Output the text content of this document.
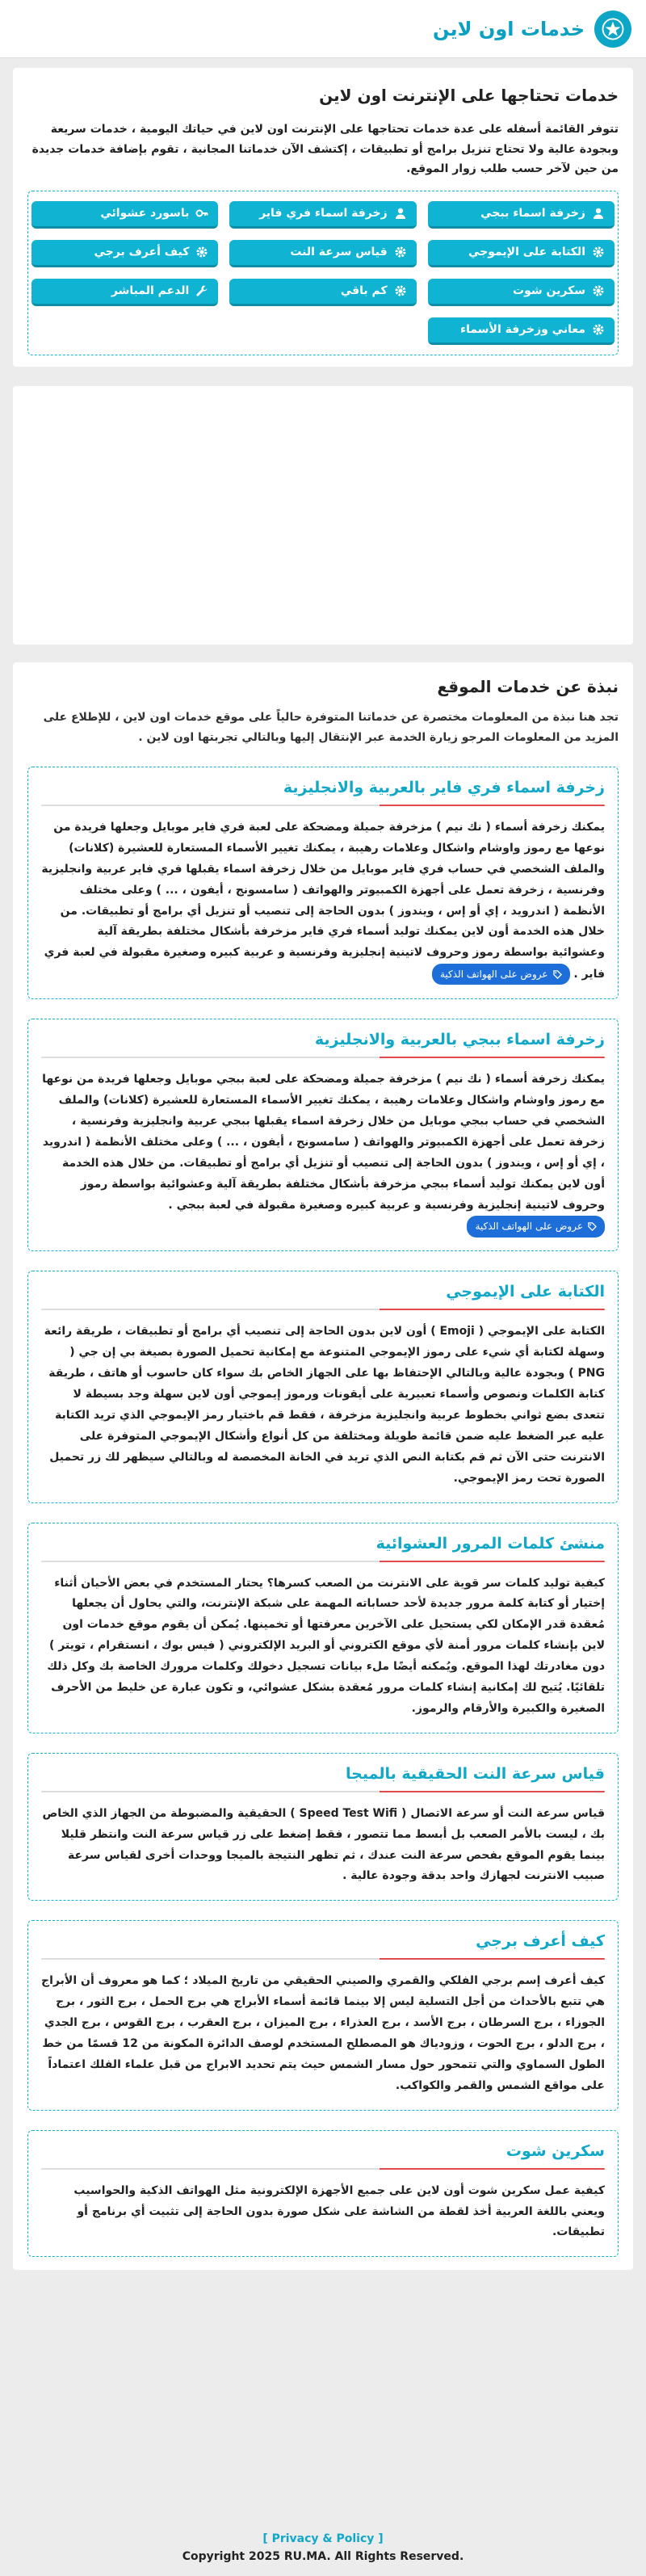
خدمات اون لاين
خدمات تحتاجها على الإنترنت اون لاين

تتوفر القائمة أسفله على عدة خدمات تحتاجها على الإنترنت اون لاين في حياتك اليومية ، خدمات سريعة وبجودة عالية ولا تحتاج تنزيل برامج أو تطبيقات ، إكتشف الآن خدماتنا المجانية ، تقوم بإضافة خدمات جديدة من حين لآخر حسب طلب زوار الموقع.

زخرفة اسماء ببجي
زخرفة اسماء فري فاير
باسورد عشوائي
الكتابة على الإيموجي
قياس سرعة النت
كيف أعرف برجي
سكرين شوت
كم باقي
الدعم المباشر
معاني وزخرفة الأسماء
نبذة عن خدمات الموقع

تجد هنا نبذة من المعلومات مختصرة عن خدماتنا المتوفرة حالياً على موقع خدمات اون لاين ، للإطلاع على المزيد من المعلومات المرجو زيارة الخدمة عبر الإنتقال إليها وبالتالي تجربتها اون لاين .

زخرفة اسماء فري فاير بالعربية والانجليزية

يمكنك زخرفة أسماء ( نك نيم ) مزخرفة جميلة ومضحكة على لعبة فري فاير موبايل وجعلها فريدة من نوعها مع رموز واوشام واشكال وعلامات رهيبة ، يمكنك تغيير الأسماء المستعارة للعشيرة (كلانات) والملف الشخصي في حساب فري فاير موبايل من خلال زخرفة اسماء يقبلها فري فاير عربية وانجليزية وفرنسية ، زخرفة تعمل على أجهزة الكمبيوتر والهواتف ( سامسونج ، أيفون ، ... ) وعلى مختلف الأنظمة ( اندرويد ، إي أو إس ، ويندوز ) بدون الحاجة إلى تنصيب أو تنزيل أي برامج أو تطبيقات. من خلال هذه الخدمة أون لاين يمكنك توليد أسماء فري فاير مزخرفة بأشكال مختلفة بطريقة آلية وعشوائية بواسطة رموز وحروف لاتينية إنجليزية وفرنسية و عربية كبيره وصغيرة مقبولة في لعبة فري فاير .
عروض على الهواتف الذكية

زخرفة اسماء ببجي بالعربية والانجليزية

يمكنك زخرفة أسماء ( نك نيم ) مزخرفة جميلة ومضحكة على لعبة ببجي موبايل وجعلها فريدة من نوعها مع رموز واوشام واشكال وعلامات رهيبة ، يمكنك تغيير الأسماء المستعارة للعشيرة (كلانات) والملف الشخصي في حساب ببجي موبايل من خلال زخرفة اسماء يقبلها ببجي عربية وانجليزية وفرنسية ، زخرفة تعمل على أجهزة الكمبيوتر والهواتف ( سامسونج ، أيفون ، ... ) وعلى مختلف الأنظمة ( اندرويد ، إي أو إس ، ويندوز ) بدون الحاجة إلى تنصيب أو تنزيل أي برامج أو تطبيقات. من خلال هذه الخدمة أون لاين يمكنك توليد أسماء ببجي مزخرفة بأشكال مختلفة بطريقة آلية وعشوائية بواسطة رموز وحروف لاتينية إنجليزية وفرنسية و عربية كبيره وصغيرة مقبولة في لعبة ببجي .
عروض على الهواتف الذكية

الكتابة على الإيموجي

الكتابة على الإيموجي ( Emoji ) أون لاين بدون الحاجة إلى تنصيب أي برامج أو تطبيقات ، طريقة رائعة وسهلة لكتابة أي شيء على رموز الإيموجي المتنوعة مع إمكانية تحميل الصورة بصيغة بي إن جي ( PNG ) وبجودة عالية وبالتالي الإحتفاظ بها على الجهاز الخاص بك سواء كان حاسوب أو هاتف ، طريقة كتابة الكلمات ونصوص وأسماء تعبيرية على أيقونات ورموز إيموجي أون لاين سهلة وجد بسيطة لا تتعدى بضع ثواني بخطوط عربية وانجليزية مزخرفة ، فقط قم باختيار رمز الإيموجي الذي تريد الكتابة عليه عبر الضغط عليه ضمن قائمة طويلة ومختلفة من كل أنواع وأشكال الإيموجي المتوفرة على الانترنت حتى الآن ثم قم بكتابة النص الذي تريد في الخانة المخصصة له وبالتالي سيظهر لك زر تحميل الصورة تحت رمز الإيموجي.

منشئ كلمات المرور العشوائية

كيفية توليد كلمات سر قوية على الانترنت من الصعب كسرها؟ يحتار المستخدم في بعض الأحيان أثناء إختيار أو كتابة كلمة مرور جديدة لأحد حساباته المهمة على شبكة الإنترنت، والتي يحاول أن يجعلها مُعقدة قدر الإمكان لكي يستحيل على الآخرين معرفتها أو تخمينها. يُمكن أن يقوم موقع خدمات اون لاين بإنشاء كلمات مرور أمنة لأي موقع الكتروني أو البريد الإلكتروني ( فيس بوك ، انستقرام ، تويتر ) دون مغادرتك لهذا الموقع. ويُمكنه أيضًا ملء بيانات تسجيل دخولك وكلمات مرورك الخاصة بك وكل ذلك تلقائيًا. يُتيح لك إمكانية إنشاء كلمات مرور مُعقدة بشكل عشوائي، و تكون عبارة عن خليط من الأحرف الصغيرة والكبيرة والأرقام والرموز.

قياس سرعة النت الحقيقية بالميجا

قياس سرعة النت أو سرعة الاتصال ( Speed Test Wifi ) الحقيقية والمضبوطة من الجهاز الذي الخاص بك ، ليست بالأمر الصعب بل أبسط مما تتصور ، فقط إضغط على زر قياس سرعة النت وانتظر قليلا بينما يقوم الموقع بفحص سرعة النت عندك ، ثم تظهر النتيجة بالميجا ووحدات أخرى لقياس سرعة صبيب الانترنت لجهازك واحد بدقة وجودة عالية .

كيف أعرف برجي

كيف أعرف إسم برجي الفلكي والقمري والصيني الحقيقي من تاريخ الميلاد ؛ كما هو معروف أن الأبراج هي تتبع بالأحداث من أجل التسلية ليس إلا بينما قائمة أسماء الأبراج هي برج الحمل ، برج الثور ، برج الجوزاء ، برج السرطان ، برج الأسد ، برج العذراء ، برج الميزان ، برج العقرب ، برج القوس ، برج الجدي ، برج الدلو ، برج الحوت ، وزودياك هو المصطلح المستخدم لوصف الدائرة المكونة من 12 قسمًا من خط الطول السماوي والتي تتمحور حول مسار الشمس حيث يتم تحديد الابراج من قبل علماء الفلك اعتماداً على مواقع الشمس والقمر والكواكب.

سكرين شوت

كيفية عمل سكرين شوت أون لاين على جميع الأجهزة الإلكترونية مثل الهواتف الذكية والحواسيب ويعني باللغة العربية أخذ لقطة من الشاشة على شكل صورة بدون الحاجة إلى تثبيت أي برنامج أو تطبيقات.

[ Privacy & Policy ]
Copyright 2025 RU.MA. All Rights Reserved.
